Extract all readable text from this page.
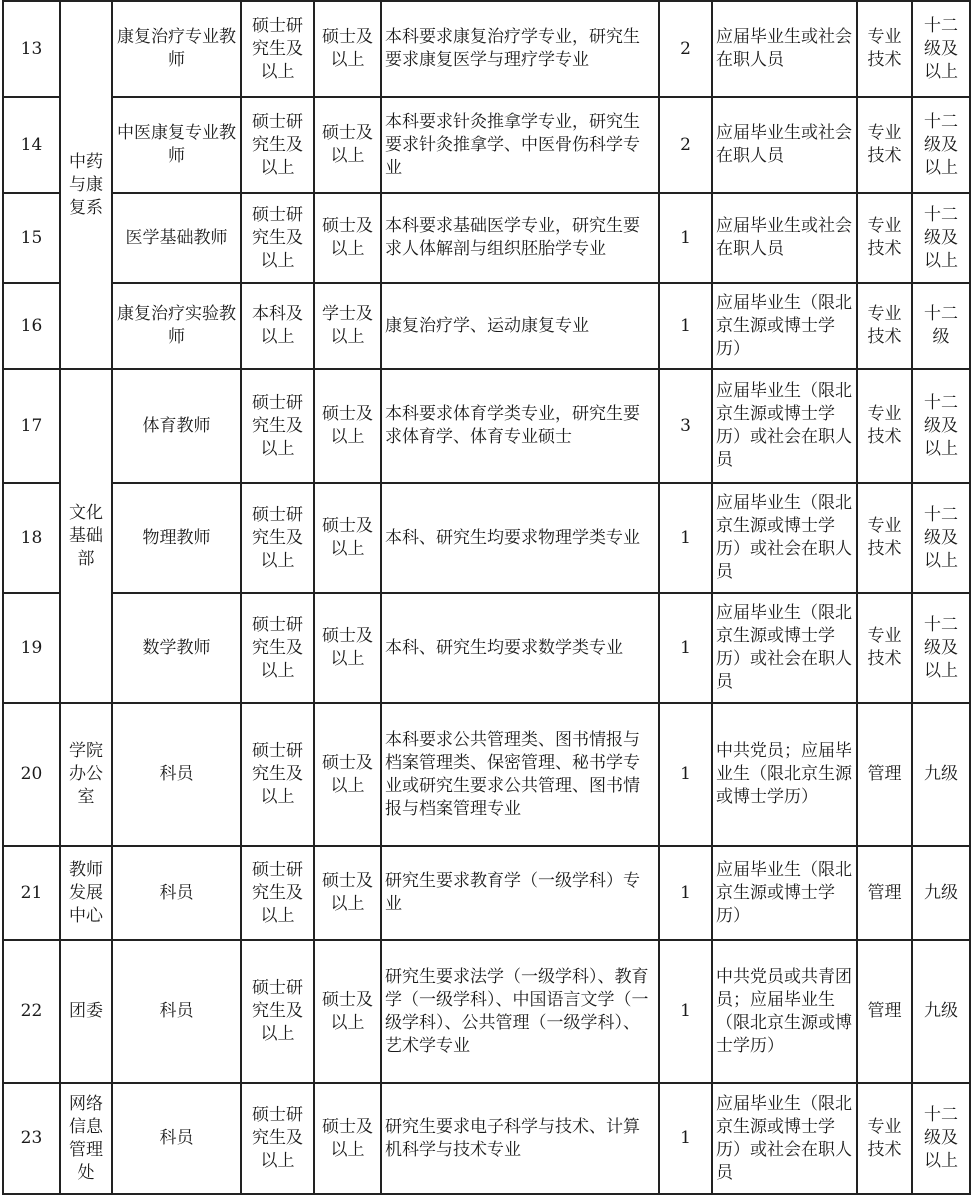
13	中药与康复系	康复治疗专业教师	硕士研究生及以上	硕士及以上	本科要求康复治疗学专业，研究生要求康复医学与理疗学专业	2	应届毕业生或社会在职人员	专业技术	十二级及以上
14		中医康复专业教师	硕士研究生及以上	硕士及以上	本科要求针灸推拿学专业，研究生要求针灸推拿学、中医骨伤科学专业	2	应届毕业生或社会在职人员	专业技术	十二级及以上
15		医学基础教师	硕士研究生及以上	硕士及以上	本科要求基础医学专业，研究生要求人体解剖与组织胚胎学专业	1	应届毕业生或社会在职人员	专业技术	十二级及以上
16		康复治疗实验教师	本科及以上	学士及以上	康复治疗学、运动康复专业	1	应届毕业生（限北京生源或博士学历）	专业技术	十二级
17	文化基础部	体育教师	硕士研究生及以上	硕士及以上	本科要求体育学类专业，研究生要求体育学、体育专业硕士	3	应届毕业生（限北京生源或博士学历）或社会在职人员	专业技术	十二级及以上
18		物理教师	硕士研究生及以上	硕士及以上	本科、研究生均要求物理学类专业	1	应届毕业生（限北京生源或博士学历）或社会在职人员	专业技术	十二级及以上
19		数学教师	硕士研究生及以上	硕士及以上	本科、研究生均要求数学类专业	1	应届毕业生（限北京生源或博士学历）或社会在职人员	专业技术	十二级及以上
20	学院办公室	科员	硕士研究生及以上	硕士及以上	本科要求公共管理类、图书情报与档案管理类、保密管理、秘书学专业或研究生要求公共管理、图书情报与档案管理专业	1	中共党员；应届毕业生（限北京生源或博士学历）	管理	九级
21	教师发展中心	科员	硕士研究生及以上	硕士及以上	研究生要求教育学（一级学科）专业	1	应届毕业生（限北京生源或博士学历）	管理	九级
22	团委	科员	硕士研究生及以上	硕士及以上	研究生要求法学（一级学科）、教育学（一级学科）、中国语言文学（一级学科）、公共管理（一级学科）、艺术学专业	1	中共党员或共青团员；应届毕业生（限北京生源或博士学历）	管理	九级
23	网络信息管理处	科员	硕士研究生及以上	硕士及以上	研究生要求电子科学与技术、计算机科学与技术专业	1	应届毕业生（限北京生源或博士学历）或社会在职人员	专业技术	十二级及以上
